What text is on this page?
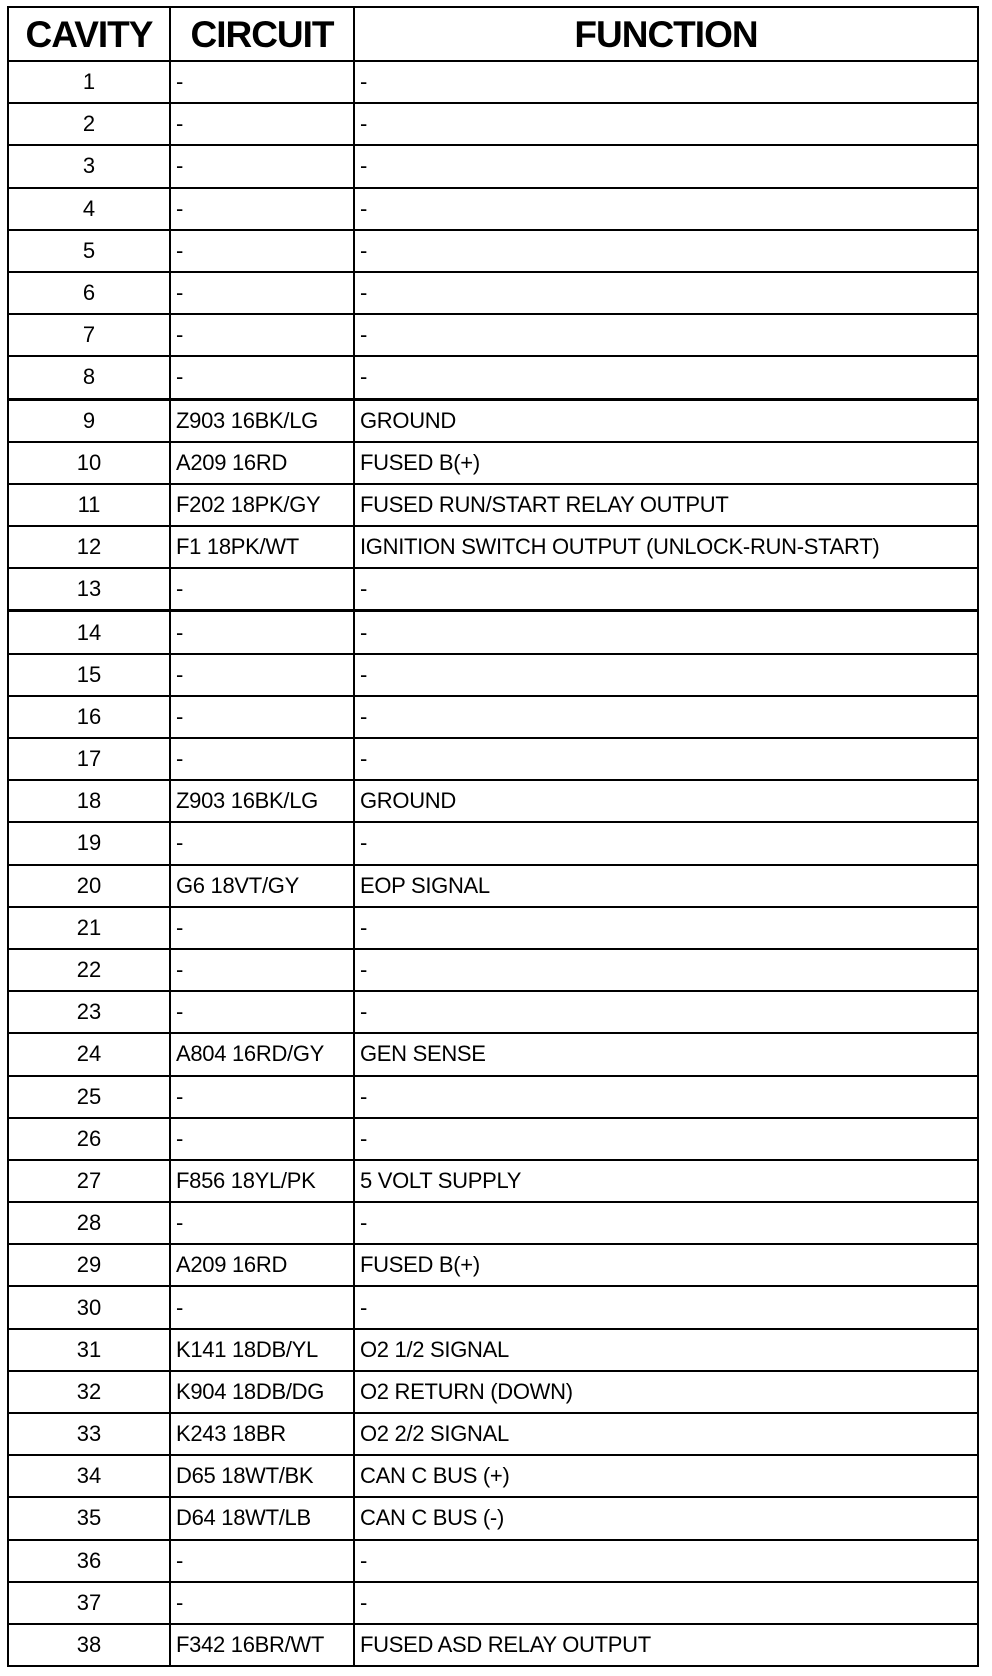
CAVITY	CIRCUIT	FUNCTION
1	-	-
2	-	-
3	-	-
4	-	-
5	-	-
6	-	-
7	-	-
8	-	-
9	Z903 16BK/LG	GROUND
10	A209 16RD	FUSED B(+)
11	F202 18PK/GY	FUSED RUN/START RELAY OUTPUT
12	F1 18PK/WT	IGNITION SWITCH OUTPUT (UNLOCK-RUN-START)
13	-	-
14	-	-
15	-	-
16	-	-
17	-	-
18	Z903 16BK/LG	GROUND
19	-	-
20	G6 18VT/GY	EOP SIGNAL
21	-	-
22	-	-
23	-	-
24	A804 16RD/GY	GEN SENSE
25	-	-
26	-	-
27	F856 18YL/PK	5 VOLT SUPPLY
28	-	-
29	A209 16RD	FUSED B(+)
30	-	-
31	K141 18DB/YL	O2 1/2 SIGNAL
32	K904 18DB/DG	O2 RETURN (DOWN)
33	K243 18BR	O2 2/2 SIGNAL
34	D65 18WT/BK	CAN C BUS (+)
35	D64 18WT/LB	CAN C BUS (-)
36	-	-
37	-	-
38	F342 16BR/WT	FUSED ASD RELAY OUTPUT
